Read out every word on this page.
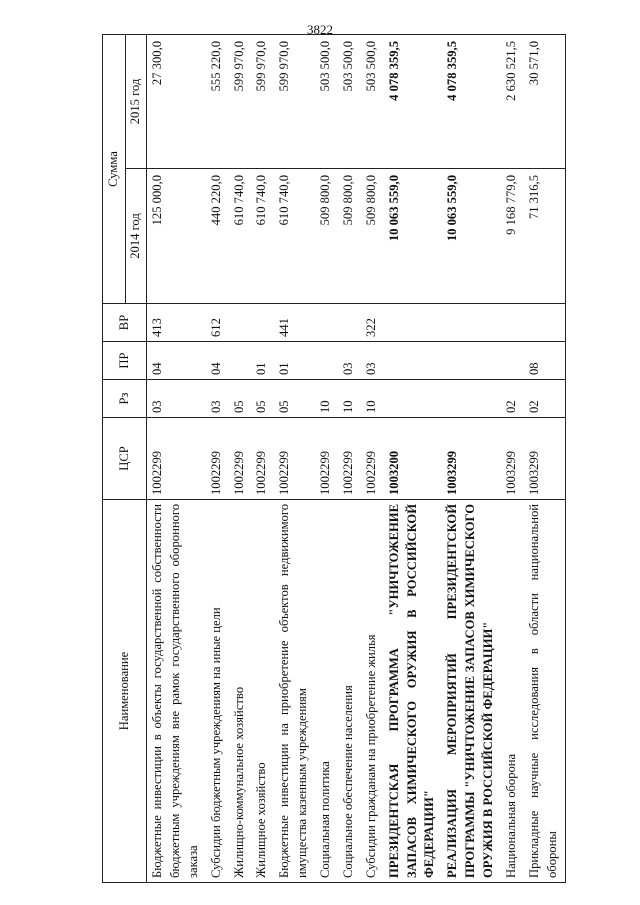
3822
Наименование	ЦСР	Рз	ПР	ВР	Сумма	
					2014 год	2015 год
Бюджетные инвестиции в объекты государственной собственности бюджетным учреждениям вне рамок государственного оборонного заказа	1002299	03	04	413	125 000,0	27 300,0
Субсидии бюджетным учреждениям на иные цели	1002299	03	04	612	440 220,0	555 220,0
Жилищно-коммунальное хозяйство	1002299	05			610 740,0	599 970,0
Жилищное хозяйство	1002299	05	01		610 740,0	599 970,0
Бюджетные инвестиции на приобретение объектов недвижимого имущества казенным учреждениям	1002299	05	01	441	610 740,0	599 970,0
Социальная политика	1002299	10			509 800,0	503 500,0
Социальное обеспечение населения	1002299	10	03		509 800,0	503 500,0
Субсидии гражданам на приобретение жилья	1002299	10	03	322	509 800,0	503 500,0
ПРЕЗИДЕНТСКАЯ ПРОГРАММА "УНИЧТОЖЕНИЕ ЗАПАСОВ ХИМИЧЕСКОГО ОРУЖИЯ В РОССИЙСКОЙ ФЕДЕРАЦИИ"	1003200				10 063 559,0	4 078 359,5
РЕАЛИЗАЦИЯ МЕРОПРИЯТИЙ ПРЕЗИДЕНТСКОЙ ПРОГРАММЫ "УНИЧТОЖЕНИЕ ЗАПАСОВ ХИМИЧЕСКОГО ОРУЖИЯ В РОССИЙСКОЙ ФЕДЕРАЦИИ"	1003299				10 063 559,0	4 078 359,5
Национальная оборона	1003299	02			9 168 779,0	2 630 521,5
Прикладные научные исследования в области национальной обороны	1003299	02	08		71 316,5	30 571,0
